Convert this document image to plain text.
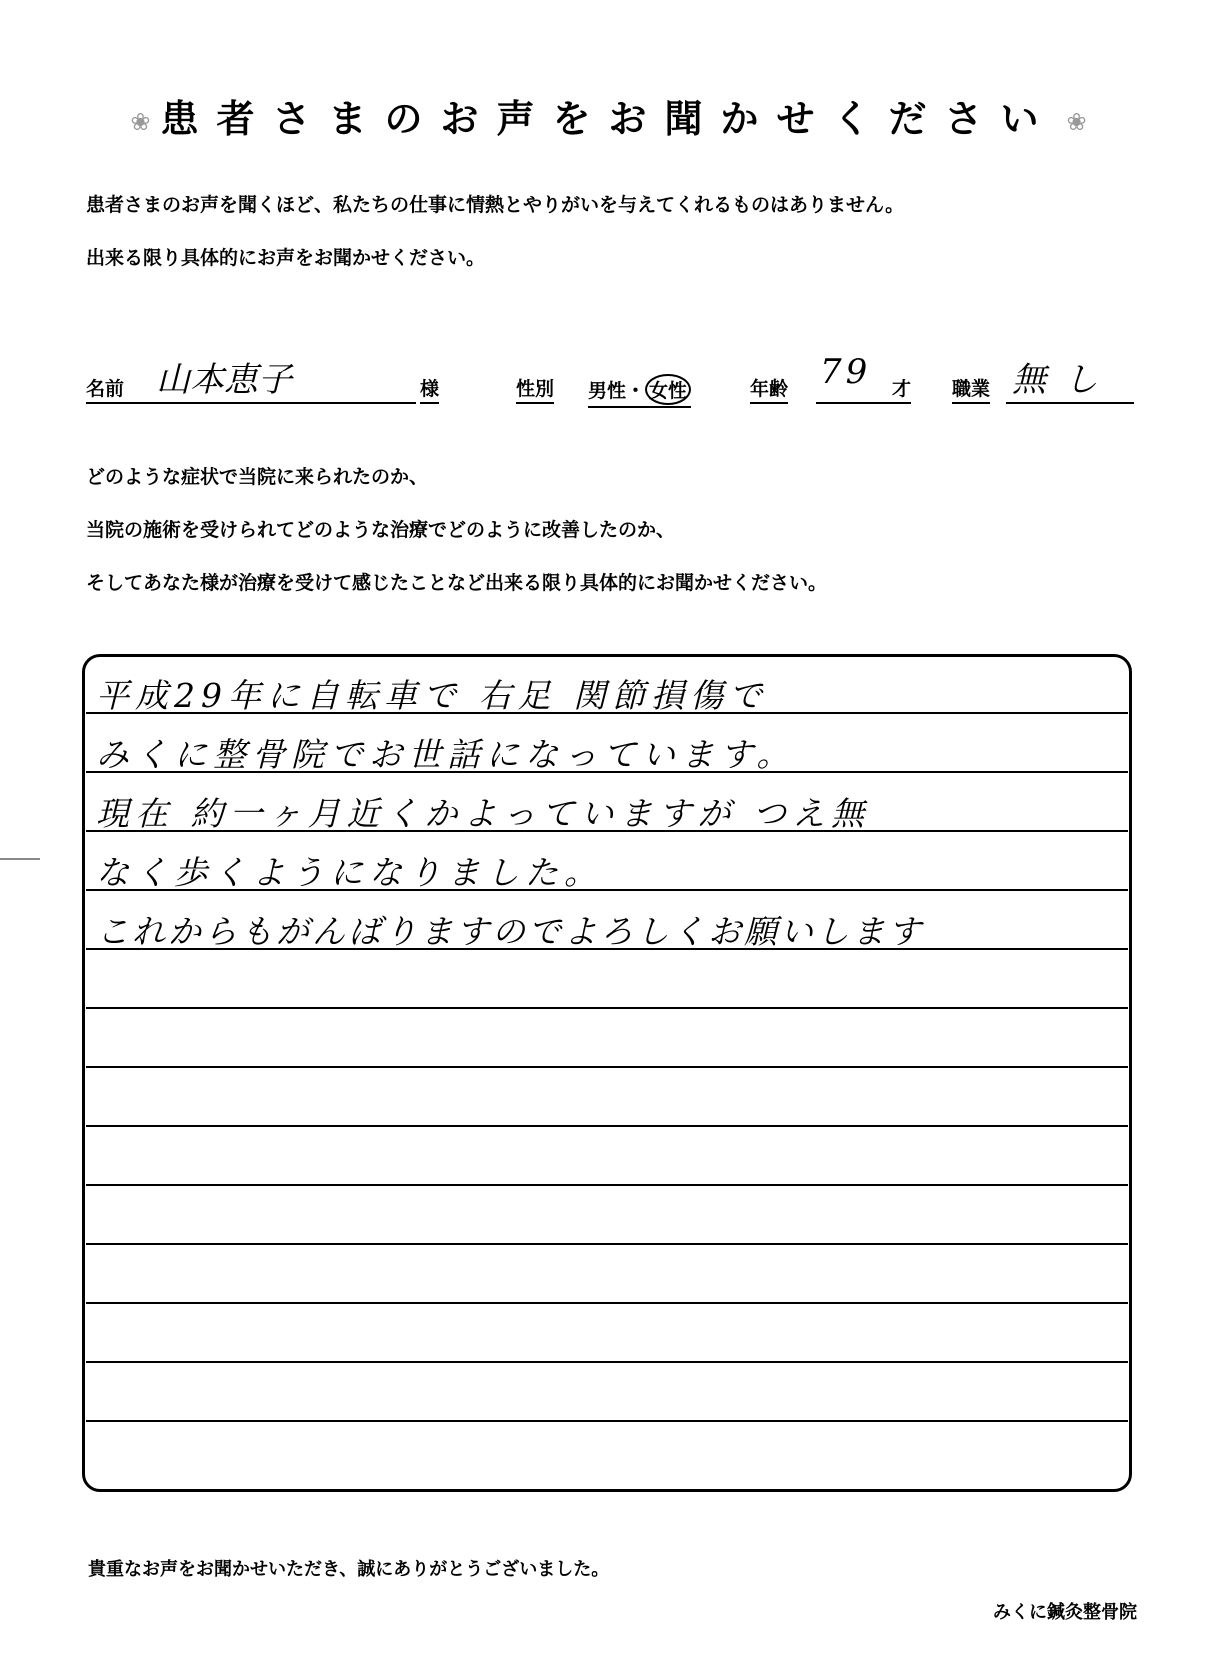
❀ 患者さまのお声をお聞かせください ❀
患者さまのお声を聞くほど、私たちの仕事に情熱とやりがいを与えてくれるものはありません。
出来る限り具体的にお声をお聞かせください。
名前 山本恵子	様	性別 男性・ 女性	年齢 79 才 職業 無し
どのような症状で当院に来られたのか、
当院の施術を受けられてどのような治療でどのように改善したのか、
そしてあなた様が治療を受けて感じたことなど出来る限り具体的にお聞かせください。
平成29年に自転車で 右足 関節損傷で
みくに整骨院でお世話になっています。
現在 約一ヶ月近くかよっていますが つえ無
なく歩くようになりました。
これからもがんばりますのでよろしくお願いします
貴重なお声をお聞かせいただき、誠にありがとうございました。
みくに鍼灸整骨院
